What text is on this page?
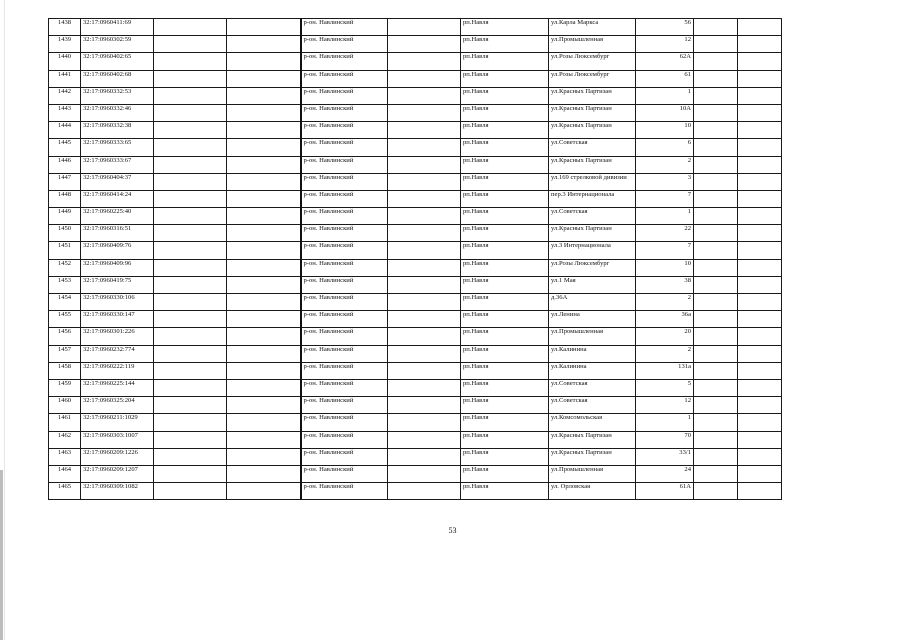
1438	32:17:0960411:69			р-он. Навлинский		рп.Навля	ул.Карла Маркса	56		
1439	32:17:0960302:59			р-он. Навлинский		рп.Навля	ул.Промышленная	12		
1440	32:17:0960402:65			р-он. Навлинский		рп.Навля	ул.Розы Люксембург	62А		
1441	32:17:0960402:68			р-он. Навлинский		рп.Навля	ул.Розы Люксембург	61		
1442	32:17:0960332:53			р-он. Навлинский		рп.Навля	ул.Красных Партизан	1		
1443	32:17:0960332:46			р-он. Навлинский		рп.Навля	ул.Красных Партизан	10А		
1444	32:17:0960332:38			р-он. Навлинский		рп.Навля	ул.Красных Партизан	10		
1445	32:17:0960333:65			р-он. Навлинский		рп.Навля	ул.Советская	6		
1446	32:17:0960333:67			р-он. Навлинский		рп.Навля	ул.Красных Партизан	2		
1447	32:17:0960404:37			р-он. Навлинский		рп.Навля	ул.169 стрелковой дивизии	3		
1448	32:17:0960414:24			р-он. Навлинский		рп.Навля	пер.3 Интернационала	7		
1449	32:17:0960225:40			р-он. Навлинский		рп.Навля	ул.Советская	1		
1450	32:17:0960316:51			р-он. Навлинский		рп.Навля	ул.Красных Партизан	22		
1451	32:17:0960409:76			р-он. Навлинский		рп.Навля	ул.3 Интернационала	7		
1452	32:17:0960409:96			р-он. Навлинский		рп.Навля	ул.Розы Люксембург	10		
1453	32:17:0960419:75			р-он. Навлинский		рп.Навля	ул.1 Мая	38		
1454	32:17:0960330:106			р-он. Навлинский		рп.Навля	д.36А	2		
1455	32:17:0960330:147			р-он. Навлинский		рп.Навля	ул.Ленина	36а		
1456	32:17:0960301:226			р-он. Навлинский		рп.Навля	ул.Промышленная	20		
1457	32:17:0960232:774			р-он. Навлинский		рп.Навля	ул.Калинина	2		
1458	32:17:0960222:119			р-он. Навлинский		рп.Навля	ул.Калинина	131а		
1459	32:17:0960225:144			р-он. Навлинский		рп.Навля	ул.Советская	5		
1460	32:17:0960325:204			р-он. Навлинский		рп.Навля	ул.Советская	12		
1461	32:17:0960211:1029			р-он. Навлинский		рп.Навля	ул.Комсомольская	1		
1462	32:17:0960303:1007			р-он. Навлинский		рп.Навля	ул.Красных Партизан	70		
1463	32:17:0960209:1226			р-он. Навлинский		рп.Навля	ул.Красных Партизан	33/1		
1464	32:17:0960209:1207			р-он. Навлинский		рп.Навля	ул.Промышленная	24		
1465	32:17:0960309:1082			р-он. Навлинский		рп.Навля	ул. Орловская	61А		
53
